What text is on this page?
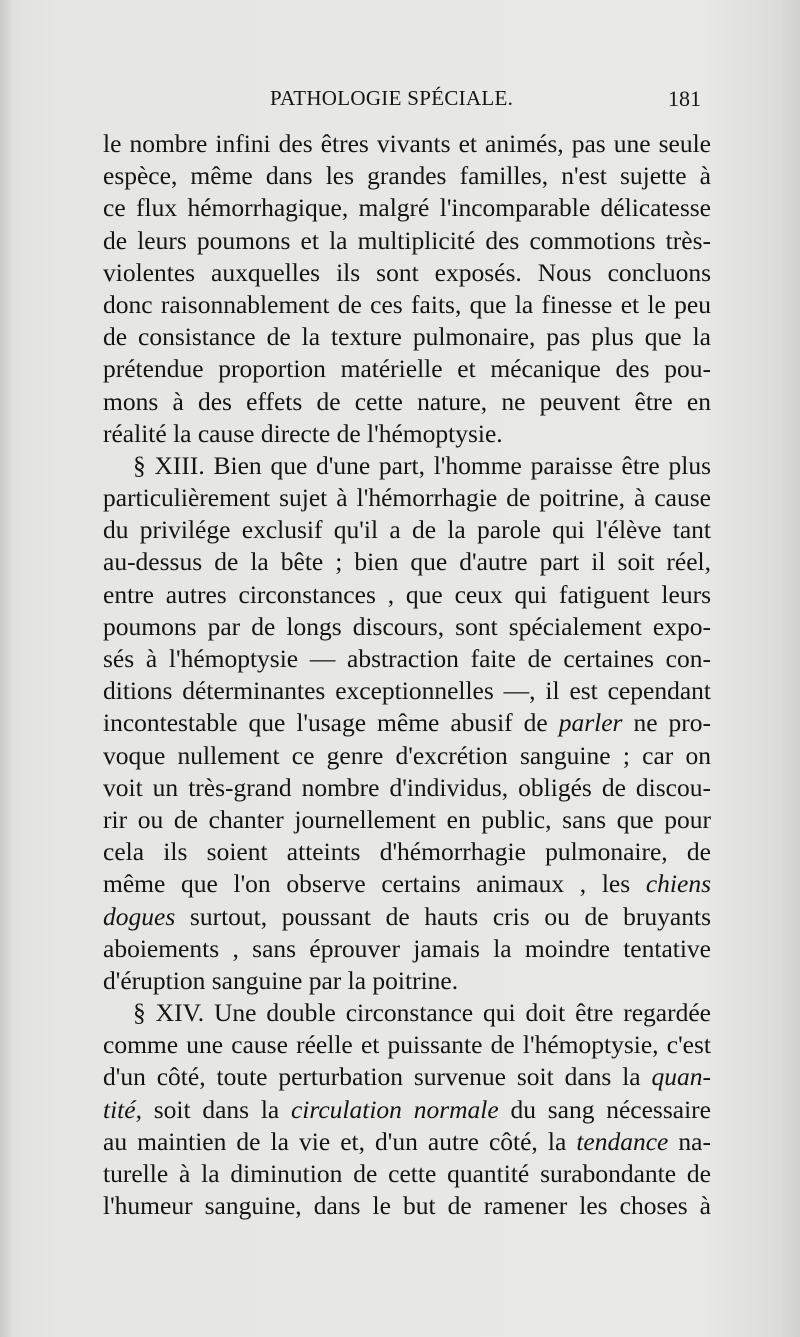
PATHOLOGIE SPÉCIALE.	181
le nombre infini des êtres vivants et animés, pas une seule
espèce, même dans les grandes familles, n'est sujette à
ce flux hémorrhagique, malgré l'incomparable délicatesse
de leurs poumons et la multiplicité des commotions très-
violentes auxquelles ils sont exposés. Nous concluons
donc raisonnablement de ces faits, que la finesse et le peu
de consistance de la texture pulmonaire, pas plus que la
prétendue proportion matérielle et mécanique des pou-
mons à des effets de cette nature, ne peuvent être en
réalité la cause directe de l'hémoptysie.
§ XIII. Bien que d'une part, l'homme paraisse être plus
particulièrement sujet à l'hémorrhagie de poitrine, à cause
du privilége exclusif qu'il a de la parole qui l'élève tant
au-dessus de la bête ; bien que d'autre part il soit réel,
entre autres circonstances , que ceux qui fatiguent leurs
poumons par de longs discours, sont spécialement expo-
sés à l'hémoptysie — abstraction faite de certaines con-
ditions déterminantes exceptionnelles —, il est cependant
incontestable que l'usage même abusif de parler ne pro-
voque nullement ce genre d'excrétion sanguine ; car on
voit un très-grand nombre d'individus, obligés de discou-
rir ou de chanter journellement en public, sans que pour
cela ils soient atteints d'hémorrhagie pulmonaire, de
même que l'on observe certains animaux , les chiens
dogues surtout, poussant de hauts cris ou de bruyants
aboiements , sans éprouver jamais la moindre tentative
d'éruption sanguine par la poitrine.
§ XIV. Une double circonstance qui doit être regardée
comme une cause réelle et puissante de l'hémoptysie, c'est
d'un côté, toute perturbation survenue soit dans la quan-
tité, soit dans la circulation normale du sang nécessaire
au maintien de la vie et, d'un autre côté, la tendance na-
turelle à la diminution de cette quantité surabondante de
l'humeur sanguine, dans le but de ramener les choses à
